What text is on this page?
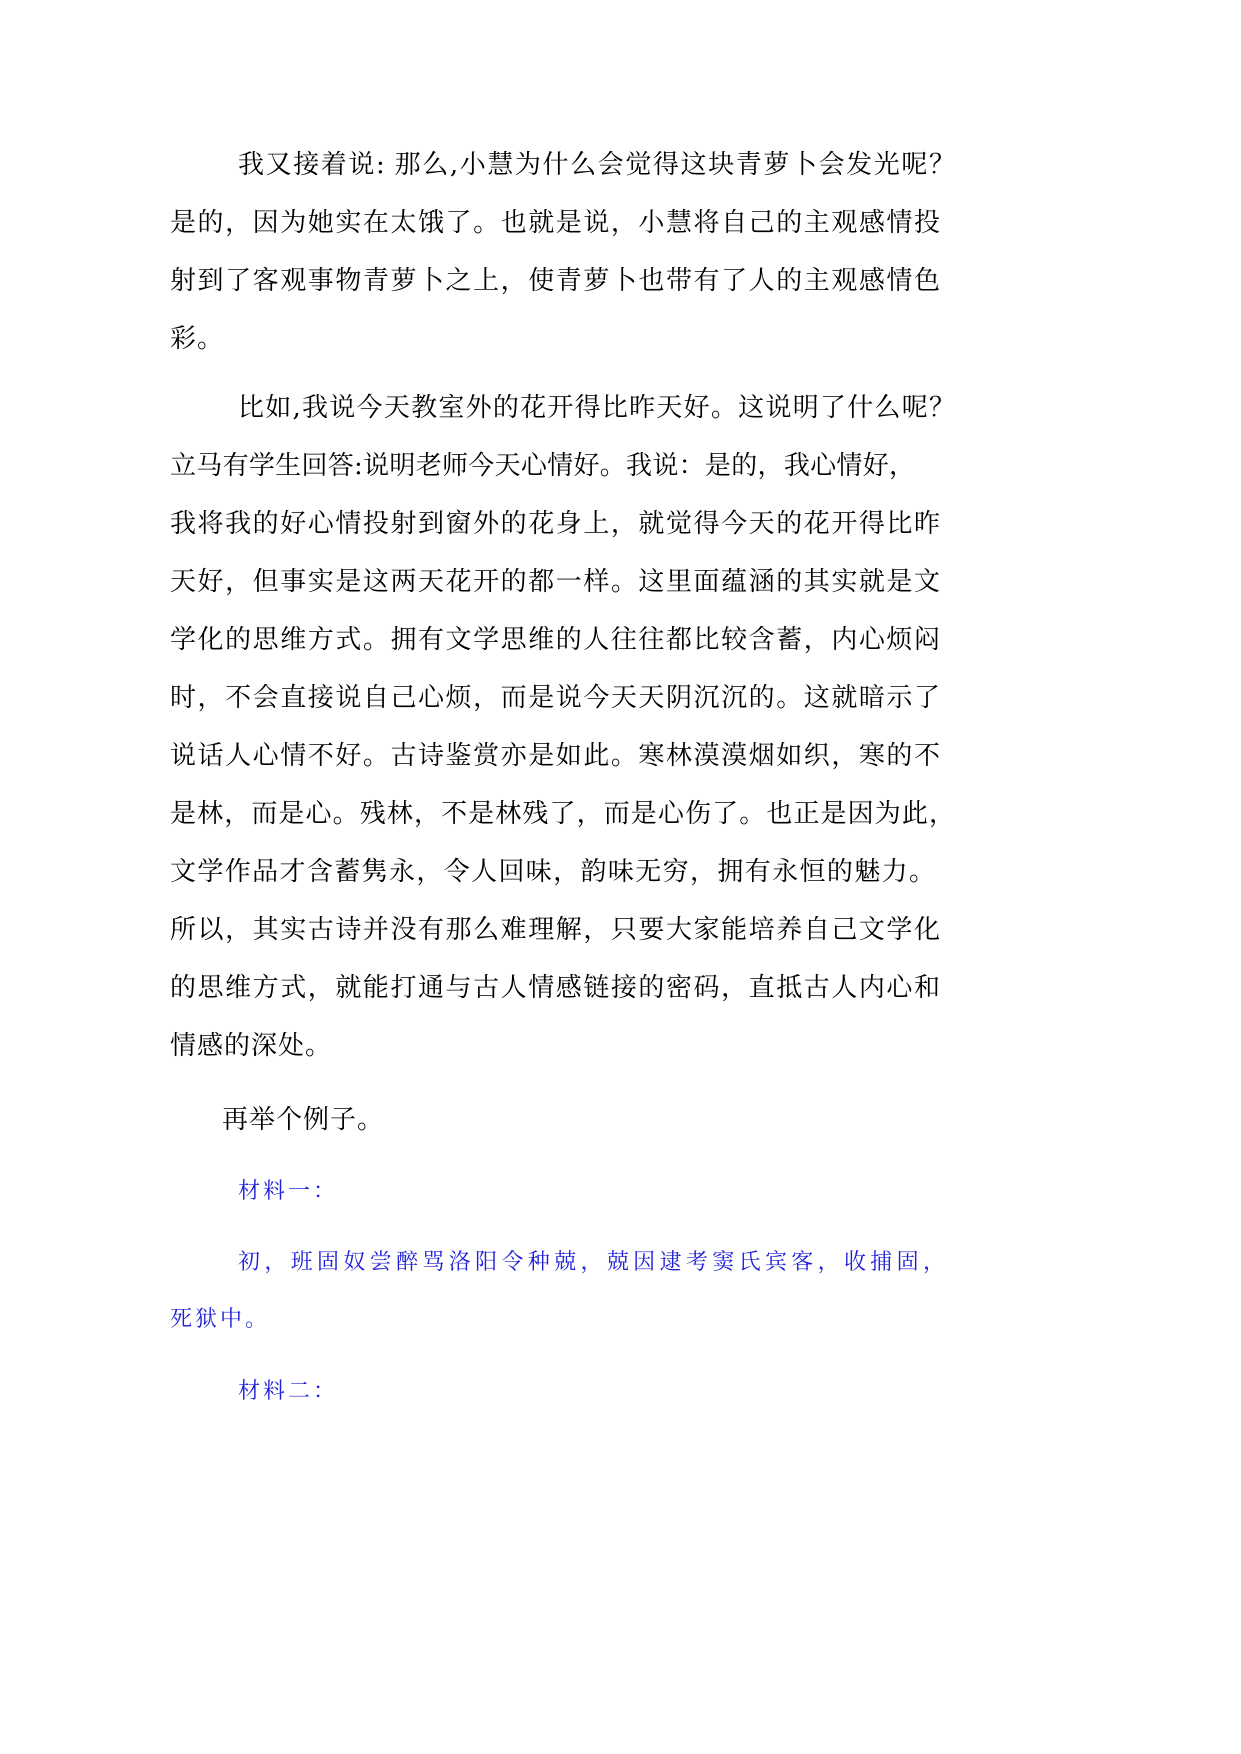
我又接着说: 那么,小慧为什么会觉得这块青萝卜会发光呢？
是的，因为她实在太饿了。也就是说，小慧将自己的主观感情投
射到了客观事物青萝卜之上，使青萝卜也带有了人的主观感情色
彩。
比如,我说今天教室外的花开得比昨天好。这说明了什么呢？
立马有学生回答:说明老师今天心情好。我说：是的，我心情好，
我将我的好心情投射到窗外的花身上，就觉得今天的花开得比昨
天好，但事实是这两天花开的都一样。这里面蕴涵的其实就是文
学化的思维方式。拥有文学思维的人往往都比较含蓄，内心烦闷
时，不会直接说自己心烦，而是说今天天阴沉沉的。这就暗示了
说话人心情不好。古诗鉴赏亦是如此。寒林漠漠烟如织，寒的不
是林，而是心。残林，不是林残了，而是心伤了。也正是因为此，
文学作品才含蓄隽永，令人回味，韵味无穷，拥有永恒的魅力。
所以，其实古诗并没有那么难理解，只要大家能培养自己文学化
的思维方式，就能打通与古人情感链接的密码，直抵古人内心和
情感的深处。
再举个例子。
材料一：
初，班固奴尝醉骂洛阳令种兢，兢因逮考窦氏宾客，收捕固，
死狱中。
材料二：
